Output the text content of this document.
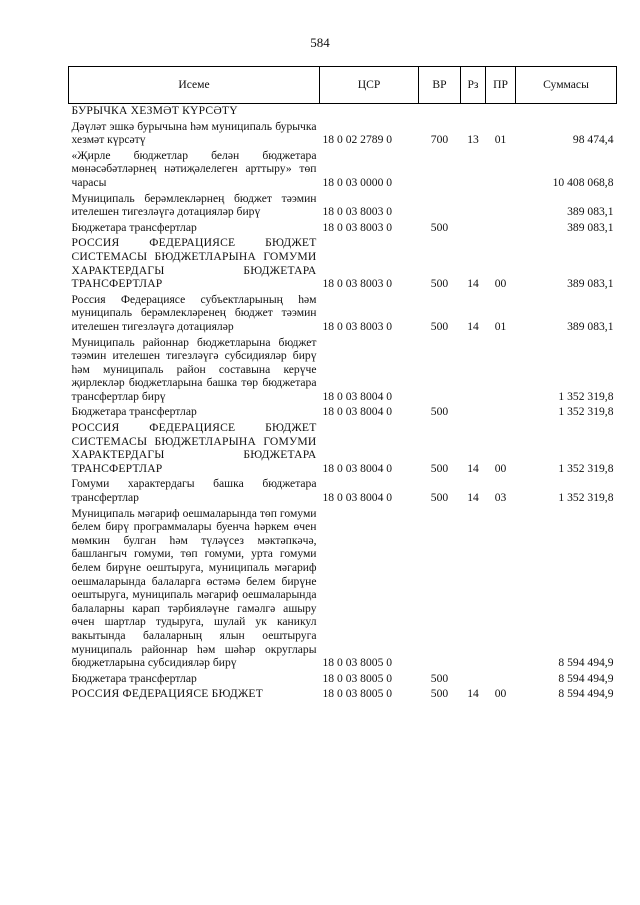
584
Исеме	ЦСР	ВР	Рз	ПР	Суммасы
БУРЫЧКА ХЕЗМӘТ КҮРСӘТҮ					
Дәүләт эшкә бурычына һәм муниципаль бурычка хезмәт күрсәтү	18 0 02 2789 0	700	13	01	98 474,4
«Җирле бюджетлар белән бюджетара мөнәсәбәтләрнең нәтиҗәлелеген арттыру» төп чарасы	18 0 03 0000 0				10 408 068,8
Муниципаль берәмлекләрнең бюджет тәэмин ителешен тигезләүгә дотацияләр бирү	18 0 03 8003 0				389 083,1
Бюджетара трансфертлар	18 0 03 8003 0	500			389 083,1
РОССИЯ ФЕДЕРАЦИЯСЕ БЮДЖЕТ СИСТЕМАСЫ БЮДЖЕТЛАРЫНА ГОМУМИ ХАРАКТЕРДАГЫ БЮДЖЕТАРА ТРАНСФЕРТЛАР	18 0 03 8003 0	500	14	00	389 083,1
Россия Федерациясе субъектларының һәм муниципаль берәмлекләренең бюджет тәэмин ителешен тигезләүгә дотацияләр	18 0 03 8003 0	500	14	01	389 083,1
Муниципаль районнар бюджетларына бюджет тәэмин ителешен тигезләүгә субсидияләр бирү һәм муниципаль район составына керүче җирлекләр бюджетларына башка төр бюджетара трансфертлар бирү	18 0 03 8004 0				1 352 319,8
Бюджетара трансфертлар	18 0 03 8004 0	500			1 352 319,8
РОССИЯ ФЕДЕРАЦИЯСЕ БЮДЖЕТ СИСТЕМАСЫ БЮДЖЕТЛАРЫНА ГОМУМИ ХАРАКТЕРДАГЫ БЮДЖЕТАРА ТРАНСФЕРТЛАР	18 0 03 8004 0	500	14	00	1 352 319,8
Гомуми характердагы башка бюджетара трансфертлар	18 0 03 8004 0	500	14	03	1 352 319,8
Муниципаль мәгариф оешмаларында төп гомуми белем бирү программалары буенча һәркем өчен мөмкин булган һәм түләүсез мәктәпкәчә, башлангыч гомуми, төп гомуми, урта гомуми белем бирүне оештыруга, муниципаль мәгариф оешмаларында балаларга өстәмә белем бирүне оештыруга, муниципаль мәгариф оешмаларында балаларны карап тәрбияләүне гамәлгә ашыру өчен шартлар тудыруга, шулай ук каникул вакытында балаларның ялын оештыруга муниципаль районнар һәм шәһәр округлары бюджетларына субсидияләр бирү	18 0 03 8005 0				8 594 494,9
Бюджетара трансфертлар	18 0 03 8005 0	500			8 594 494,9
РОССИЯ ФЕДЕРАЦИЯСЕ БЮДЖЕТ	18 0 03 8005 0	500	14	00	8 594 494,9
